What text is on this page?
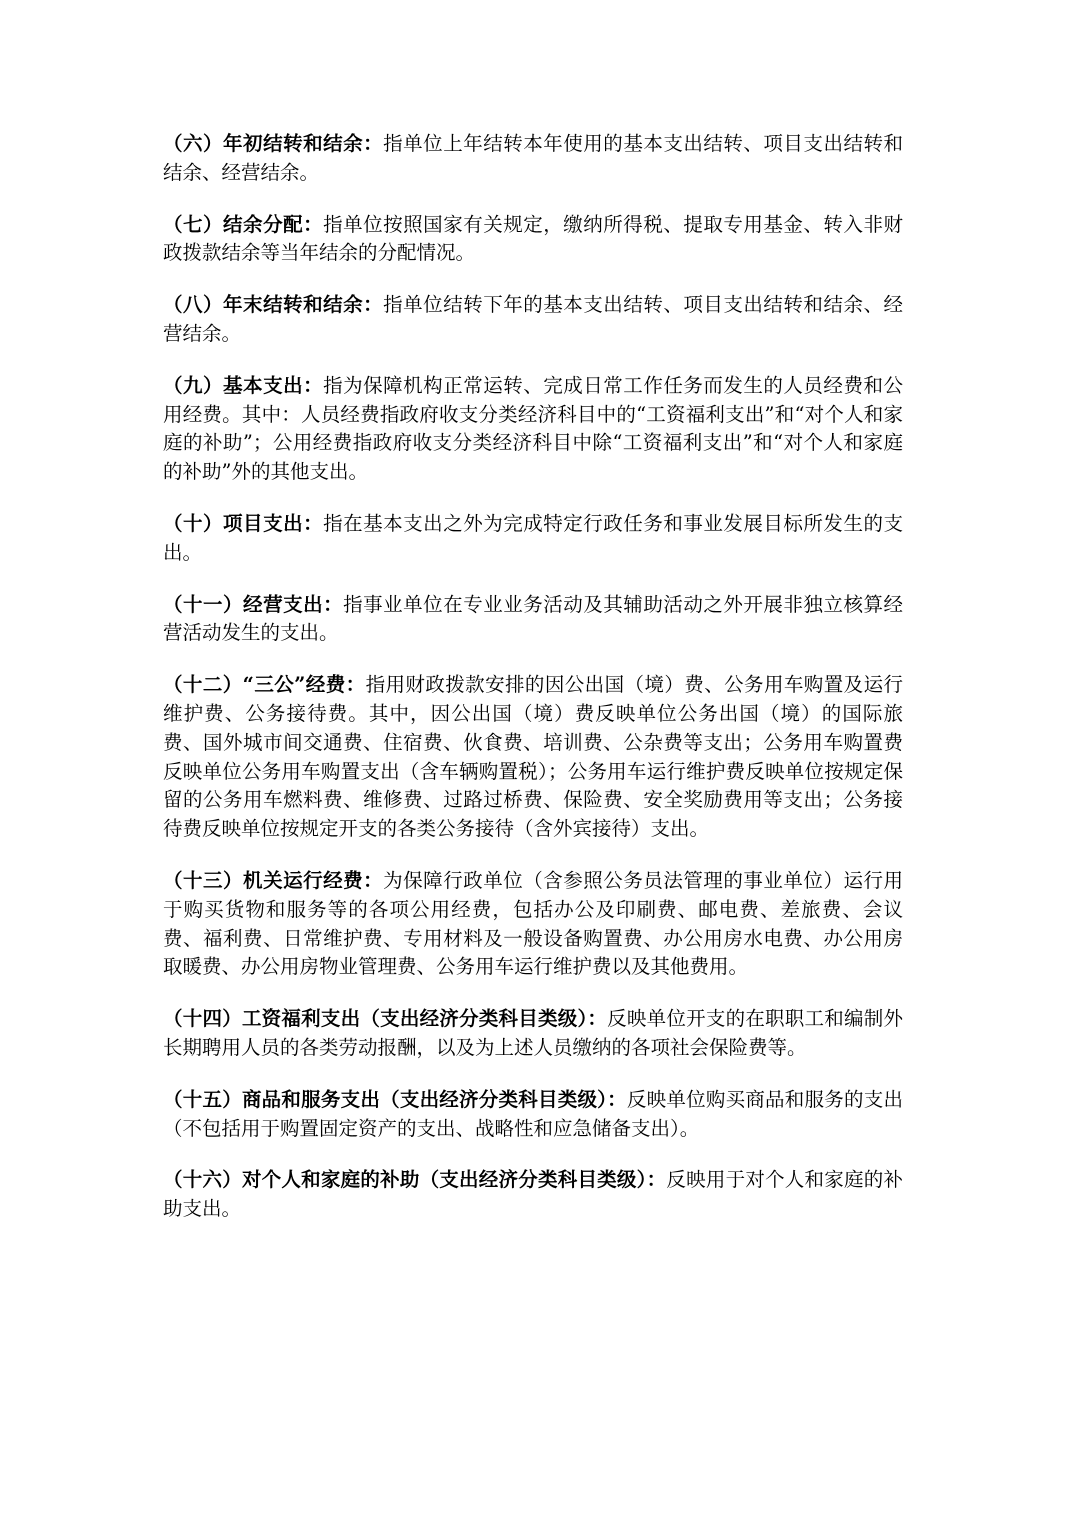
（六）年初结转和结余：指单位上年结转本年使用的基本支出结转、项目支出结转和结余、经营结余。

（七）结余分配：指单位按照国家有关规定，缴纳所得税、提取专用基金、转入非财政拨款结余等当年结余的分配情况。

（八）年末结转和结余：指单位结转下年的基本支出结转、项目支出结转和结余、经营结余。

（九）基本支出：指为保障机构正常运转、完成日常工作任务而发生的人员经费和公用经费。其中：人员经费指政府收支分类经济科目中的“工资福利支出”和“对个人和家庭的补助”；公用经费指政府收支分类经济科目中除“工资福利支出”和“对个人和家庭的补助”外的其他支出。

（十）项目支出：指在基本支出之外为完成特定行政任务和事业发展目标所发生的支出。

（十一）经营支出：指事业单位在专业业务活动及其辅助活动之外开展非独立核算经营活动发生的支出。

（十二）“三公”经费：指用财政拨款安排的因公出国（境）费、公务用车购置及运行维护费、公务接待费。其中，因公出国（境）费反映单位公务出国（境）的国际旅费、国外城市间交通费、住宿费、伙食费、培训费、公杂费等支出；公务用车购置费反映单位公务用车购置支出（含车辆购置税）；公务用车运行维护费反映单位按规定保留的公务用车燃料费、维修费、过路过桥费、保险费、安全奖励费用等支出；公务接待费反映单位按规定开支的各类公务接待（含外宾接待）支出。

（十三）机关运行经费：为保障行政单位（含参照公务员法管理的事业单位）运行用于购买货物和服务等的各项公用经费，包括办公及印刷费、邮电费、差旅费、会议费、福利费、日常维护费、专用材料及一般设备购置费、办公用房水电费、办公用房取暖费、办公用房物业管理费、公务用车运行维护费以及其他费用。

（十四）工资福利支出（支出经济分类科目类级）：反映单位开支的在职职工和编制外长期聘用人员的各类劳动报酬，以及为上述人员缴纳的各项社会保险费等。

（十五）商品和服务支出（支出经济分类科目类级）：反映单位购买商品和服务的支出（不包括用于购置固定资产的支出、战略性和应急储备支出）。

（十六）对个人和家庭的补助（支出经济分类科目类级）：反映用于对个人和家庭的补助支出。
